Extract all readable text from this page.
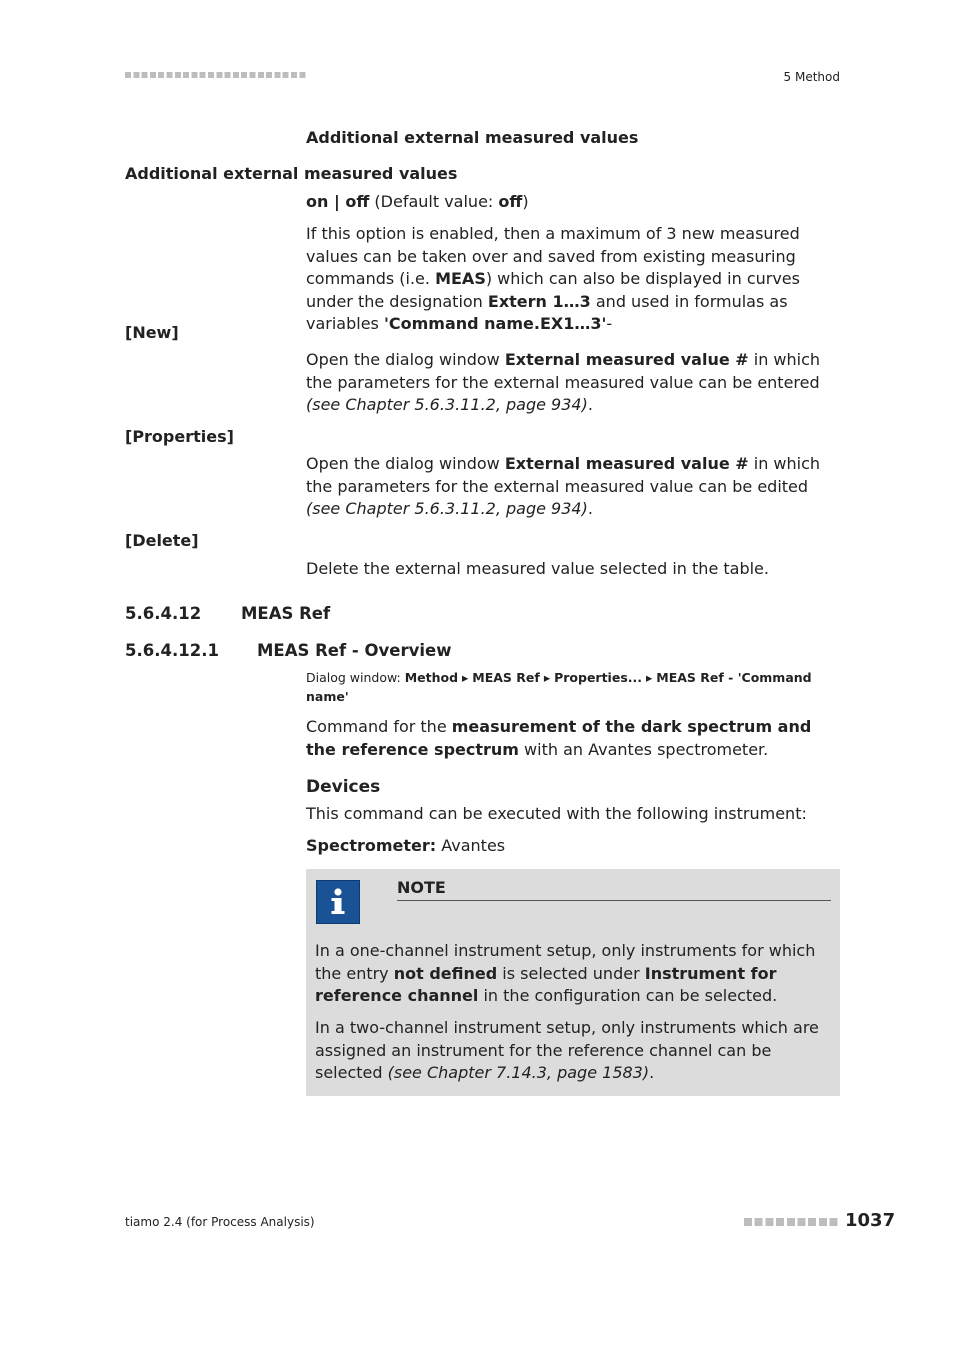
5 Method
Additional external measured values
Additional external measured values
on | off (Default value: off)
If this option is enabled, then a maximum of 3 new measured values can be taken over and saved from existing measuring commands (i.e. MEAS) which can also be displayed in curves under the designation Extern 1…3 and used in formulas as variables 'Command name.EX1…3'-
[New]
Open the dialog window External measured value # in which the parameters for the external measured value can be entered (see Chapter 5.6.3.11.2, page 934).
[Properties]
Open the dialog window External measured value # in which the parameters for the external measured value can be edited (see Chapter 5.6.3.11.2, page 934).
[Delete]
Delete the external measured value selected in the table.
5.6.4.12 MEAS Ref
5.6.4.12.1 MEAS Ref - Overview
Dialog window: Method ▸ MEAS Ref ▸ Properties... ▸ MEAS Ref - 'Command name'
Command for the measurement of the dark spectrum and the reference spectrum with an Avantes spectrometer.
Devices
This command can be executed with the following instrument:
Spectrometer: Avantes
NOTE
In a one-channel instrument setup, only instruments for which the entry not defined is selected under Instrument for reference channel in the configuration can be selected.
In a two-channel instrument setup, only instruments which are assigned an instrument for the reference channel can be selected (see Chapter 7.14.3, page 1583).
tiamo 2.4 (for Process Analysis)	1037
